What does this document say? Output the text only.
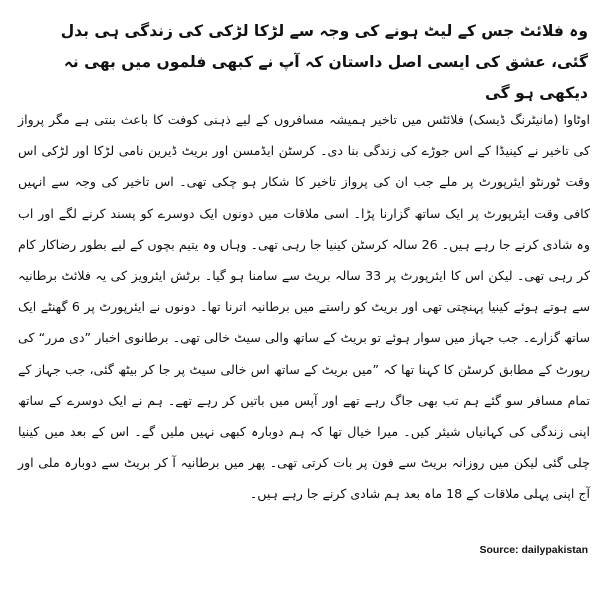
وہ فلائٹ جس کے لیٹ ہونے کی وجہ سے لڑکا لڑکی کی زندگی ہی بدل گئی، عشق کی ایسی اصل داستان کہ آپ نے کبھی فلموں میں بھی نہ دیکھی ہو گی
اوٹاوا (مانیٹرنگ ڈیسک) فلائٹس میں تاخیر ہمیشہ مسافروں کے لیے ذہنی کوفت کا باعث بنتی ہے مگر پرواز کی تاخیر نے کینیڈا کے اس جوڑے کی زندگی بنا دی۔ کرسٹن ایڈمسن اور بریٹ ڈیرین نامی لڑکا اور لڑکی اس وقت ٹورنٹو ایئرپورٹ پر ملے جب ان کی پرواز تاخیر کا شکار ہو چکی تھی۔ اس تاخیر کی وجہ سے انہیں کافی وقت ایئرپورٹ پر ایک ساتھ گزارنا پڑا۔ اسی ملاقات میں دونوں ایک دوسرے کو پسند کرنے لگے اور اب وہ شادی کرنے جا رہے ہیں۔ 26 سالہ کرسٹن کینیا جا رہی تھی۔ وہاں وہ یتیم بچوں کے لیے بطور رضاکار کام کر رہی تھی۔ لیکن اس کا ایئرپورٹ پر 33 سالہ بریٹ سے سامنا ہو گیا۔ برٹش ایئرویز کی یہ فلائٹ برطانیہ سے ہوتے ہوئے کینیا پہنچتی تھی اور بریٹ کو راستے میں برطانیہ اترنا تھا۔ دونوں نے ایئرپورٹ پر 6 گھنٹے ایک ساتھ گزارے۔ جب جہاز میں سوار ہوئے تو بریٹ کے ساتھ والی سیٹ خالی تھی۔ برطانوی اخبار ”دی مرر“ کی رپورٹ کے مطابق کرسٹن کا کہنا تھا کہ ”میں بریٹ کے ساتھ اس خالی سیٹ پر جا کر بیٹھ گئی، جب جہاز کے تمام مسافر سو گئے ہم تب بھی جاگ رہے تھے اور آپس میں باتیں کر رہے تھے۔ ہم نے ایک دوسرے کے ساتھ اپنی زندگی کی کہانیاں شیئر کیں۔ میرا خیال تھا کہ ہم دوبارہ کبھی نہیں ملیں گے۔ اس کے بعد میں کینیا چلی گئی لیکن میں روزانہ بریٹ سے فون پر بات کرتی تھی۔ پھر میں برطانیہ آ کر بریٹ سے دوبارہ ملی اور آج اپنی پہلی ملاقات کے 18 ماہ بعد ہم شادی کرنے جا رہے ہیں۔
Source: dailypakistan
